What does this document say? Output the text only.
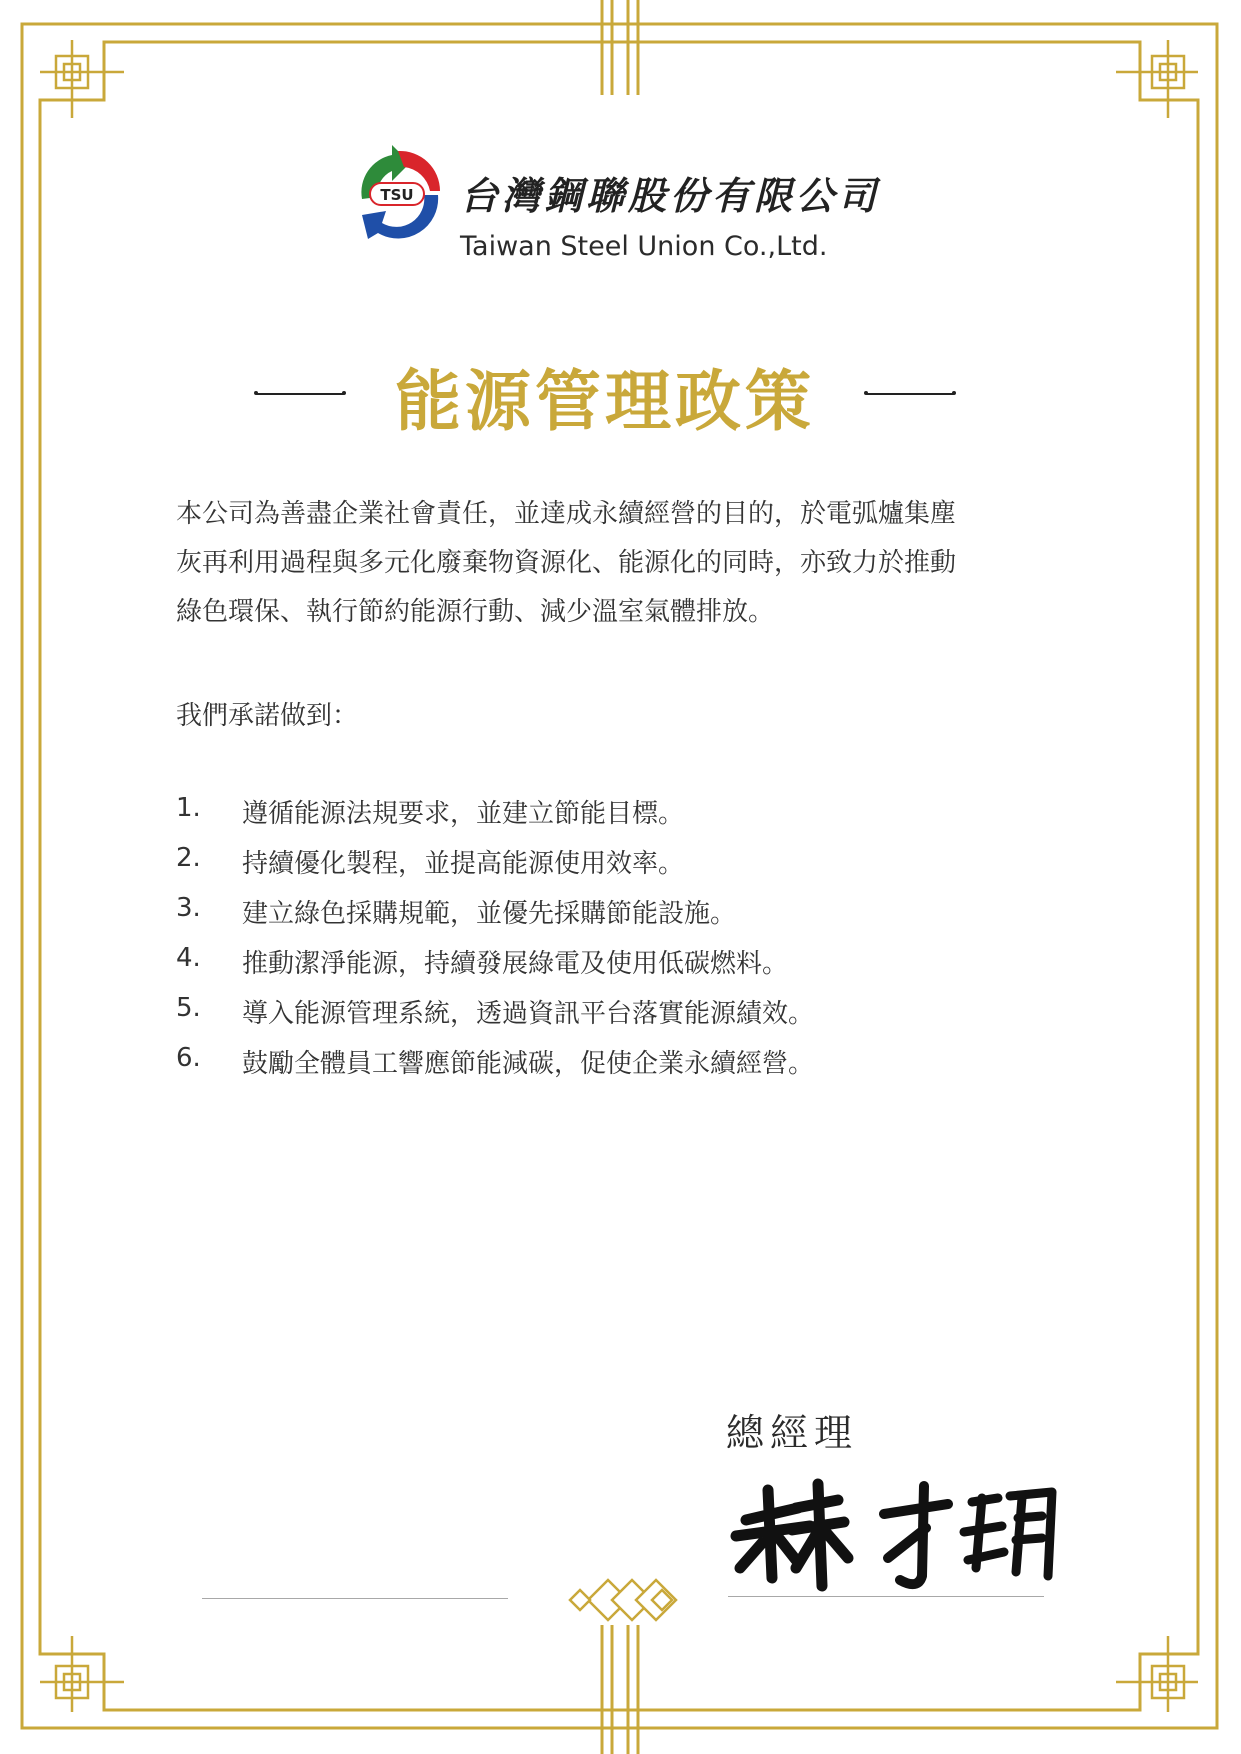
TSU 台灣鋼聯股份有限公司
Taiwan Steel Union Co.,Ltd.
能源管理政策
本公司為善盡企業社會責任，並達成永續經營的目的，於電弧爐集塵
灰再利用過程與多元化廢棄物資源化、能源化的同時，亦致力於推動
綠色環保、執行節約能源行動、減少溫室氣體排放。
我們承諾做到：
1. 遵循能源法規要求，並建立節能目標。
2. 持續優化製程，並提高能源使用效率。
3. 建立綠色採購規範，並優先採購節能設施。
4. 推動潔淨能源，持續發展綠電及使用低碳燃料。
5. 導入能源管理系統，透過資訊平台落實能源績效。
6. 鼓勵全體員工響應節能減碳，促使企業永續經營。
總經理
